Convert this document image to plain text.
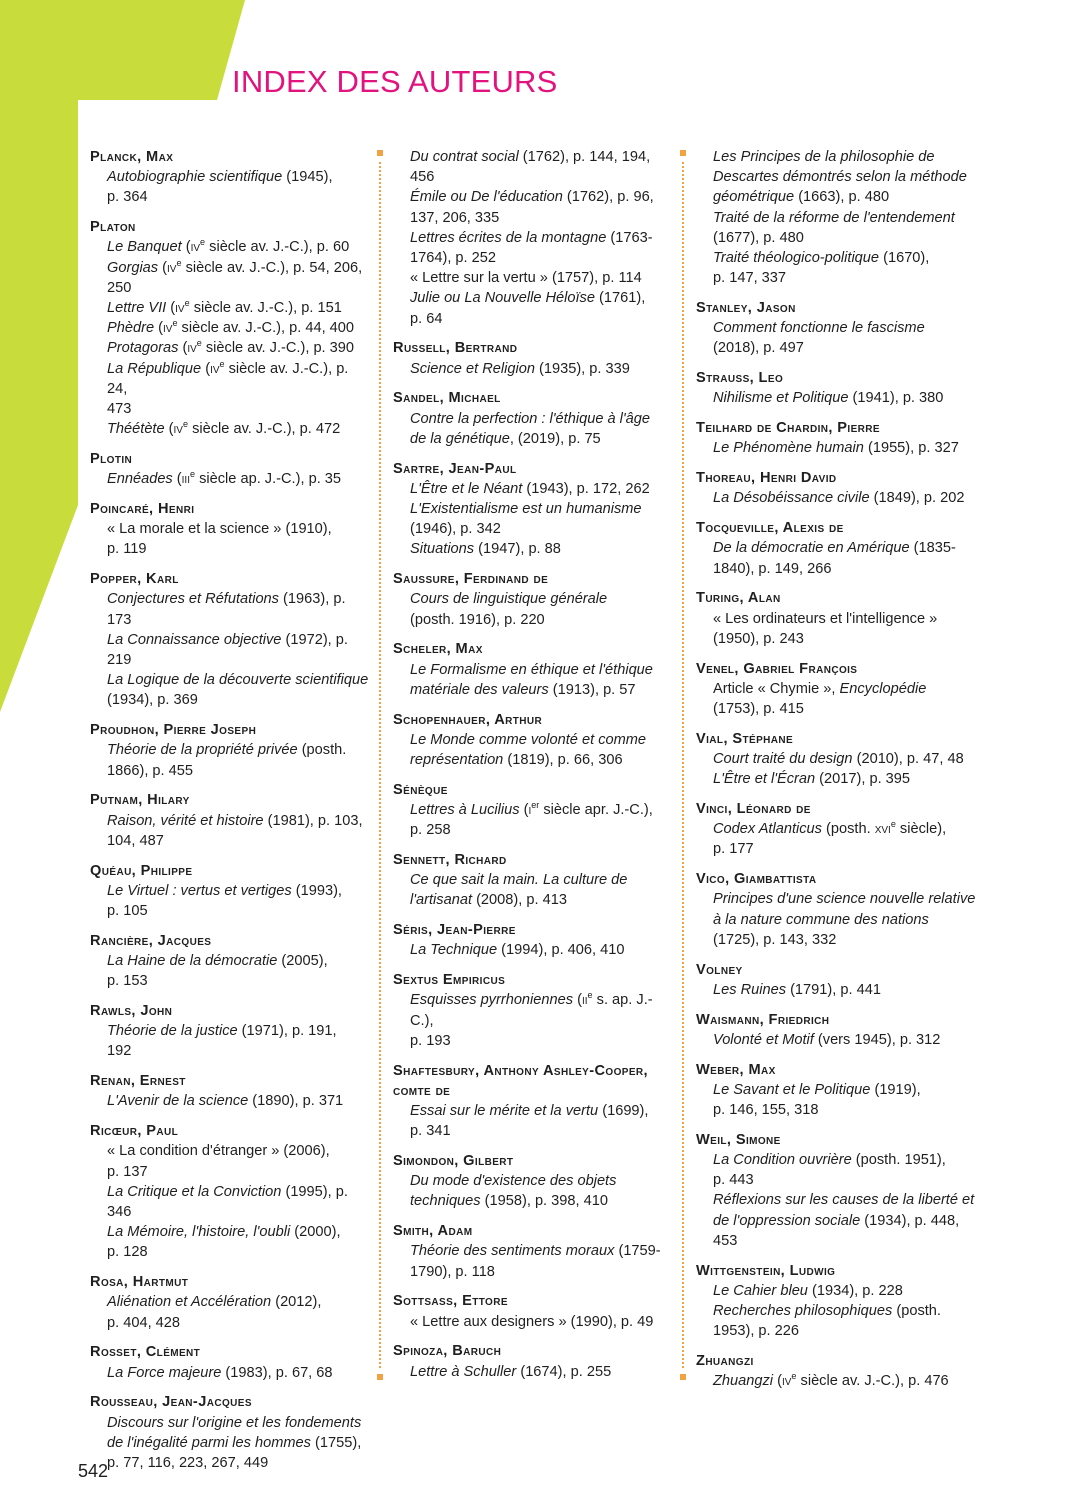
INDEX DES AUTEURS
Planck, Max
Autobiographie scientifique (1945),
p. 364
Platon
Le Banquet ($iv^e$ siècle av. J.-C.), p. 60
Gorgias ($iv^e$ siècle av. J.-C.), p. 54, 206,
250
Lettre VII ($iv^e$ siècle av. J.-C.), p. 151
Phèdre ($iv^e$ siècle av. J.-C.), p. 44, 400
Protagoras ($iv^e$ siècle av. J.-C.), p. 390
La République ($iv^e$ siècle av. J.-C.), p. 24,
473
Théétète ($iv^e$ siècle av. J.-C.), p. 472
Plotin
Ennéades (iii$^e$ siècle ap. J.-C.), p. 35
Poincaré, Henri
« La morale et la science » (1910),
p. 119
Popper, Karl
Conjectures et Réfutations (1963), p. 173
La Connaissance objective (1972), p. 219
La Logique de la découverte scientifique
(1934), p. 369
Proudhon, Pierre Joseph
Théorie de la propriété privée (posth.
1866), p. 455
Putnam, Hilary
Raison, vérité et histoire (1981), p. 103,
104, 487
Quéau, Philippe
Le Virtuel : vertus et vertiges (1993),
p. 105
Rancière, Jacques
La Haine de la démocratie (2005),
p. 153
Rawls, John
Théorie de la justice (1971), p. 191,
192
Renan, Ernest
L'Avenir de la science (1890), p. 371
Ricœur, Paul
« La condition d'étranger » (2006),
p. 137
La Critique et la Conviction (1995), p. 346
La Mémoire, l'histoire, l'oubli (2000),
p. 128
Rosa, Hartmut
Aliénation et Accélération (2012),
p. 404, 428
Rosset, Clément
La Force majeure (1983), p. 67, 68
Rousseau, Jean-Jacques
Discours sur l'origine et les fondements
de l'inégalité parmi les hommes (1755),
p. 77, 116, 223, 267, 449
Du contrat social (1762), p. 144, 194,
456
Émile ou De l'éducation (1762), p. 96,
137, 206, 335
Lettres écrites de la montagne (1763-
1764), p. 252
« Lettre sur la vertu » (1757), p. 114
Julie ou La Nouvelle Héloïse (1761),
p. 64
Russell, Bertrand
Science et Religion (1935), p. 339
Sandel, Michael
Contre la perfection : l'éthique à l'âge
de la génétique, (2019), p. 75
Sartre, Jean-Paul
L'Être et le Néant (1943), p. 172, 262
L'Existentialisme est un humanisme
(1946), p. 342
Situations (1947), p. 88
Saussure, Ferdinand de
Cours de linguistique générale
(posth. 1916), p. 220
Scheler, Max
Le Formalisme en éthique et l'éthique
matériale des valeurs (1913), p. 57
Schopenhauer, Arthur
Le Monde comme volonté et comme
représentation (1819), p. 66, 306
Sénèque
Lettres à Lucilius ($i^{er}$ siècle apr. J.-C.),
p. 258
Sennett, Richard
Ce que sait la main. La culture de
l'artisanat (2008), p. 413
Séris, Jean-Pierre
La Technique (1994), p. 406, 410
Sextus Empiricus
Esquisses pyrrhoniennes ($ii^e$ s. ap. J.-C.),
p. 193
Shaftesbury, Anthony Ashley-Cooper, comte de
Essai sur le mérite et la vertu (1699),
p. 341
Simondon, Gilbert
Du mode d'existence des objets
techniques (1958), p. 398, 410
Smith, Adam
Théorie des sentiments moraux (1759-
1790), p. 118
Sottsass, Ettore
« Lettre aux designers » (1990), p. 49
Spinoza, Baruch
Lettre à Schuller (1674), p. 255
Les Principes de la philosophie de
Descartes démontrés selon la méthode
géométrique (1663), p. 480
Traité de la réforme de l'entendement
(1677), p. 480
Traité théologico-politique (1670),
p. 147, 337
Stanley, Jason
Comment fonctionne le fascisme
(2018), p. 497
Strauss, Leo
Nihilisme et Politique (1941), p. 380
Teilhard de Chardin, Pierre
Le Phénomène humain (1955), p. 327
Thoreau, Henri David
La Désobéissance civile (1849), p. 202
Tocqueville, Alexis de
De la démocratie en Amérique (1835-
1840), p. 149, 266
Turing, Alan
« Les ordinateurs et l'intelligence »
(1950), p. 243
Venel, Gabriel François
Article « Chymie », Encyclopédie
(1753), p. 415
Vial, Stéphane
Court traité du design (2010), p. 47, 48
L'Être et l'Écran (2017), p. 395
Vinci, Léonard de
Codex Atlanticus (posth. xvi$^e$ siècle),
p. 177
Vico, Giambattista
Principes d'une science nouvelle relative
à la nature commune des nations
(1725), p. 143, 332
Volney
Les Ruines (1791), p. 441
Waismann, Friedrich
Volonté et Motif (vers 1945), p. 312
Weber, Max
Le Savant et le Politique (1919),
p. 146, 155, 318
Weil, Simone
La Condition ouvrière (posth. 1951),
p. 443
Réflexions sur les causes de la liberté et
de l'oppression sociale (1934), p. 448,
453
Wittgenstein, Ludwig
Le Cahier bleu (1934), p. 228
Recherches philosophiques (posth.
1953), p. 226
Zhuangzi
Zhuangzi ($iv^e$ siècle av. J.-C.), p. 476
542
